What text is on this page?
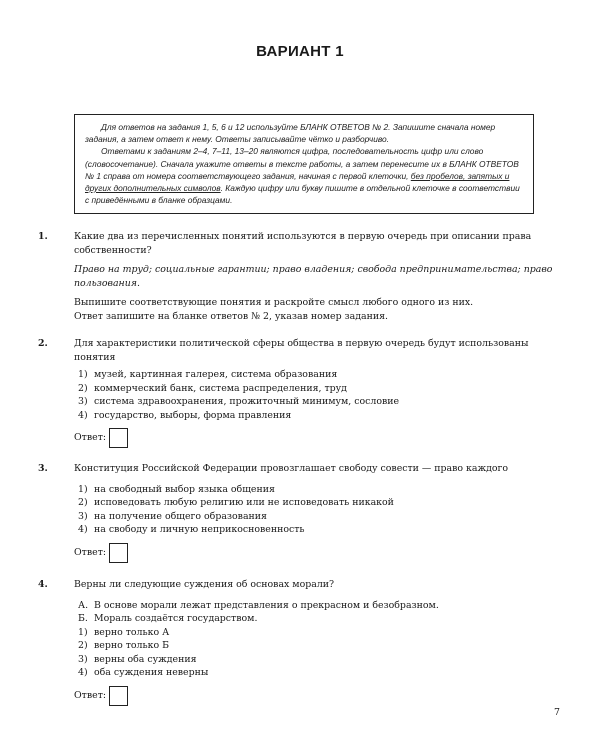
ВАРИАНТ 1

Для ответов на задания 1, 5, 6 и 12 используйте БЛАНК ОТВЕТОВ № 2. Запишите сначала номер задания, а затем ответ к нему. Ответы записывайте чётко и разборчиво.

Ответами к заданиям 2–4, 7–11, 13–20 являются цифра, последовательность цифр или слово (словосочетание). Сначала укажите ответы в тексте работы, а затем перенесите их в БЛАНК ОТВЕТОВ № 1 справа от номера соответствующего задания, начиная с первой клеточки, без пробелов, запятых и других дополнительных символов. Каждую цифру или букву пишите в отдельной клеточке в соответствии с приведёнными в бланке образцами.

1.	Какие два из перечисленных понятий используются в первую очередь при описании права собственности?
Право на труд; социальные гарантии; право владения; свобода предпринимательства; право пользования.
Выпишите соответствующие понятия и раскройте смысл любого одного из них.
Ответ запишите на бланке ответов № 2, указав номер задания.
2.	Для характеристики политической сферы общества в первую очередь будут использованы понятия
1) музей, картинная галерея, система образования
2) коммерческий банк, система распределения, труд
3) система здравоохранения, прожиточный минимум, сословие
4) государство, выборы, форма правления
Ответ:
3.	Конституция Российской Федерации провозглашает свободу совести — право каждого
1) на свободный выбор языка общения
2) исповедовать любую религию или не исповедовать никакой
3) на получение общего образования
4) на свободу и личную неприкосновенность
Ответ:
4.	Верны ли следующие суждения об основах морали?
А. В основе морали лежат представления о прекрасном и безобразном.
Б. Мораль создаётся государством.
1) верно только А
2) верно только Б
3) верны оба суждения
4) оба суждения неверны
Ответ:
7
